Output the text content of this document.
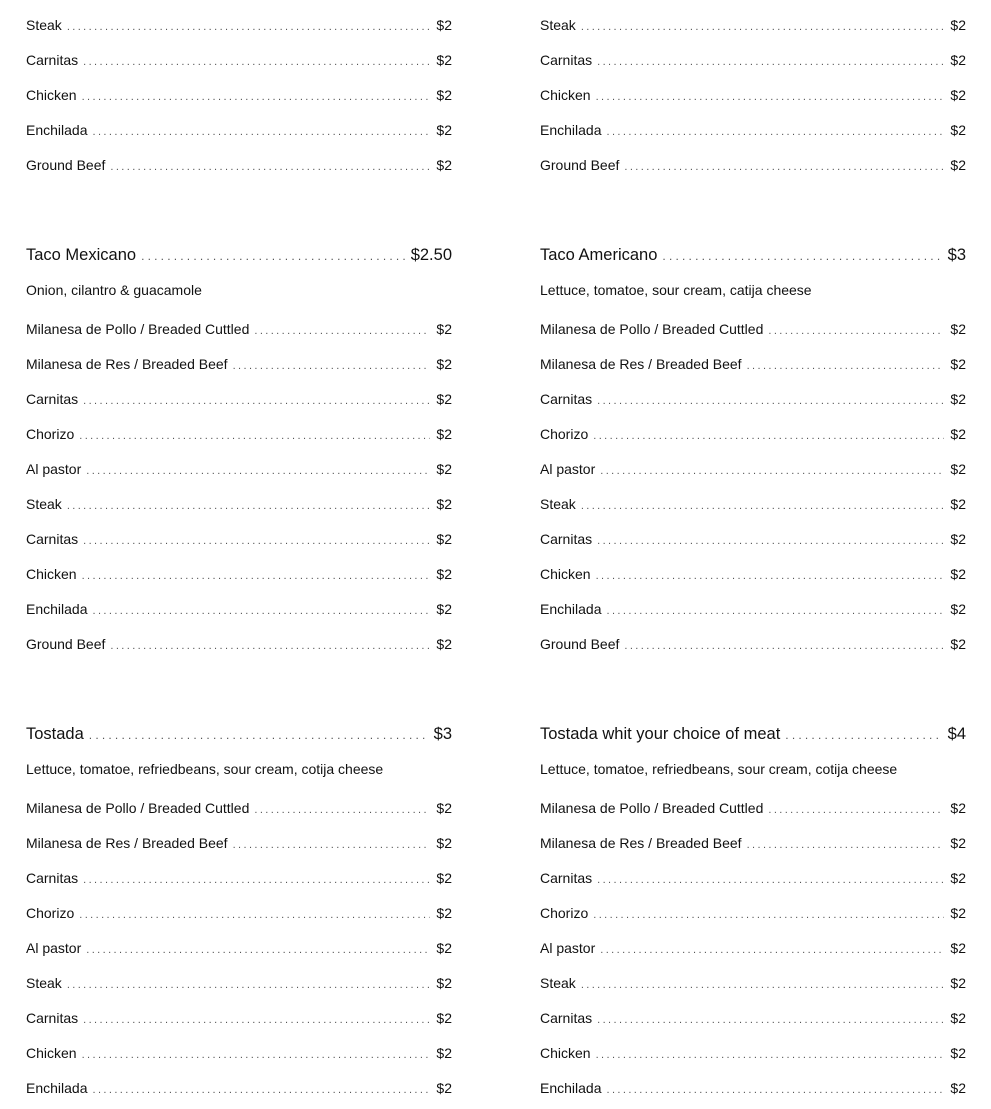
Steak .....	$2
Carnitas .....	$2
Chicken .....	$2
Enchilada .....	$2
Ground Beef .....	$2
Taco Mexicano .....	$2.50
Onion, cilantro & guacamole
Milanesa de Pollo / Breaded Cuttled .....	$2
Milanesa de Res / Breaded Beef .....	$2
Carnitas .....	$2
Chorizo .....	$2
Al pastor .....	$2
Steak .....	$2
Carnitas .....	$2
Chicken .....	$2
Enchilada .....	$2
Ground Beef .....	$2
Tostada .....	$3
Lettuce, tomatoe, refriedbeans, sour cream, cotija cheese
Milanesa de Pollo / Breaded Cuttled .....	$2
Milanesa de Res / Breaded Beef .....	$2
Carnitas .....	$2
Chorizo .....	$2
Al pastor .....	$2
Steak .....	$2
Carnitas .....	$2
Chicken .....	$2
Enchilada .....	$2
Steak .....	$2
Carnitas .....	$2
Chicken .....	$2
Enchilada .....	$2
Ground Beef .....	$2
Taco Americano .....	$3
Lettuce, tomatoe, sour cream, catija cheese
Milanesa de Pollo / Breaded Cuttled .....	$2
Milanesa de Res / Breaded Beef .....	$2
Carnitas .....	$2
Chorizo .....	$2
Al pastor .....	$2
Steak .....	$2
Carnitas .....	$2
Chicken .....	$2
Enchilada .....	$2
Ground Beef .....	$2
Tostada whit your choice of meat .....	$4
Lettuce, tomatoe, refriedbeans, sour cream, cotija cheese
Milanesa de Pollo / Breaded Cuttled .....	$2
Milanesa de Res / Breaded Beef .....	$2
Carnitas .....	$2
Chorizo .....	$2
Al pastor .....	$2
Steak .....	$2
Carnitas .....	$2
Chicken .....	$2
Enchilada .....	$2
